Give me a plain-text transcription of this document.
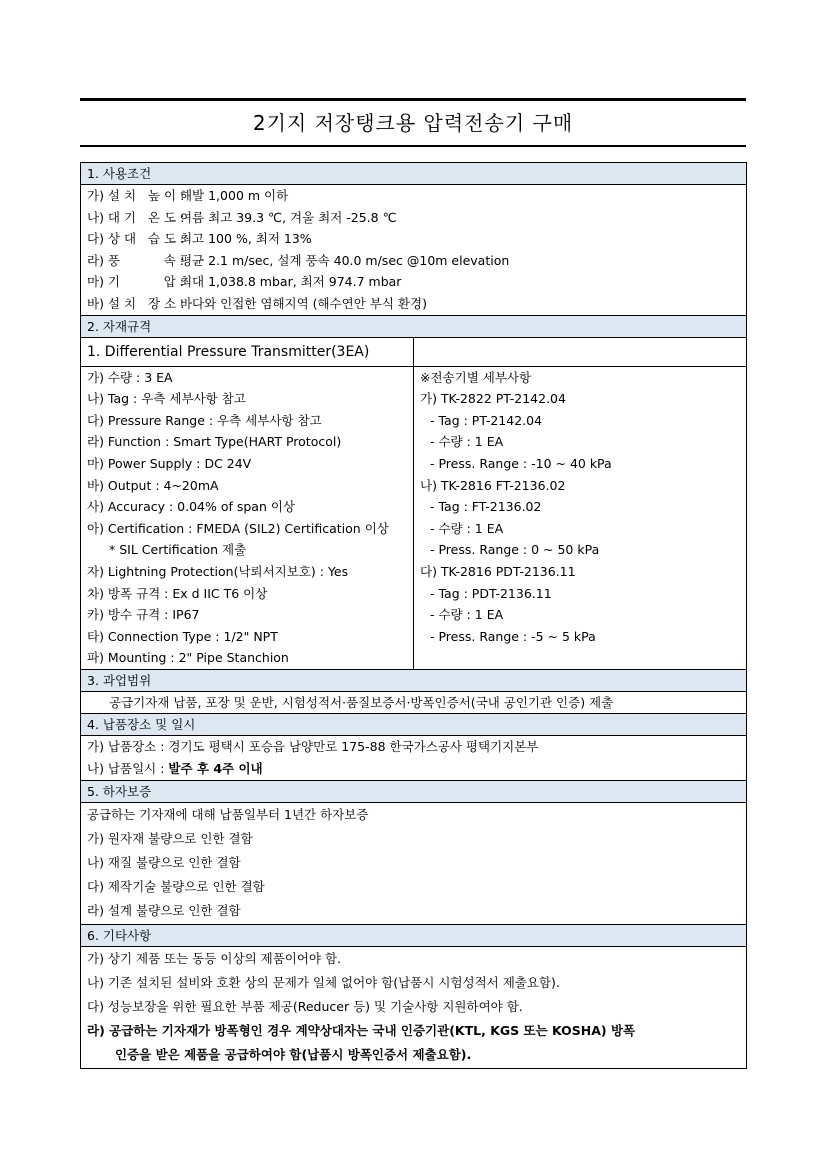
2기지 저장탱크용 압력전송기 구매
1. 사용조건
가) 설 치   높 이 :

해발 1,000 m 이하
나) 대 기   온 도 :

여름 최고 39.3 ℃, 겨울 최저 -25.8 ℃
다) 상 대   습 도 :

최고 100 %, 최저 13%
라) 풍           속 :

평균 2.1 m/sec, 설계 풍속 40.0 m/sec @10m elevation
마) 기           압 :

최대 1,038.8 mbar, 최저 974.7 mbar
바) 설 치   장 소 :

바다와 인접한 염해지역 (해수연안 부식 환경)
2. 자재규격
1. Differential Pressure Transmitter(3EA)
가) 수량 : 3 EA
나) Tag : 우측 세부사항 참고
다) Pressure Range : 우측 세부사항 참고
라) Function : Smart Type(HART Protocol)
마) Power Supply : DC 24V
바) Output : 4~20mA
사) Accuracy : 0.04% of span 이상
아) Certification : FMEDA (SIL2) Certification 이상
* SIL Certification 제출
자) Lightning Protection(낙뢰서지보호) : Yes
차) 방폭 규격 : Ex d IIC T6 이상
카) 방수 규격 : IP67
타) Connection Type : 1/2" NPT
파) Mounting : 2" Pipe Stanchion
※전송기별 세부사항
가) TK-2822 PT-2142.04
- Tag : PT-2142.04
- 수량 : 1 EA
- Press. Range : -10 ~ 40 kPa
나) TK-2816 FT-2136.02
- Tag : FT-2136.02
- 수량 : 1 EA
- Press. Range : 0 ~ 50 kPa
다) TK-2816 PDT-2136.11
- Tag : PDT-2136.11
- 수량 : 1 EA
- Press. Range : -5 ~ 5 kPa
3. 과업범위
공급기자재 납품, 포장 및 운반, 시험성적서·품질보증서·방폭인증서(국내 공인기관 인증) 제출
4. 납품장소 및 일시
가) 납품장소 : 경기도 평택시 포승읍 남양만로 175-88 한국가스공사 평택기지본부
나) 납품일시 : 발주 후 4주 이내
5. 하자보증
공급하는 기자재에 대해 납품일부터 1년간 하자보증
가) 원자재 불량으로 인한 결함
나) 재질 불량으로 인한 결함
다) 제작기술 불량으로 인한 결함
라) 설계 불량으로 인한 결함
6. 기타사항
가) 상기 제품 또는 동등 이상의 제품이어야 함.
나) 기존 설치된 설비와 호환 상의 문제가 일체 없어야 함(납품시 시험성적서 제출요함).
다) 성능보장을 위한 필요한 부품 제공(Reducer 등) 및 기술사항 지원하여야 함.
라) 공급하는 기자재가 방폭형인 경우 계약상대자는 국내 인증기관(KTL, KGS 또는 KOSHA) 방폭
인증을 받은 제품을 공급하여야 함(납품시 방폭인증서 제출요함).
